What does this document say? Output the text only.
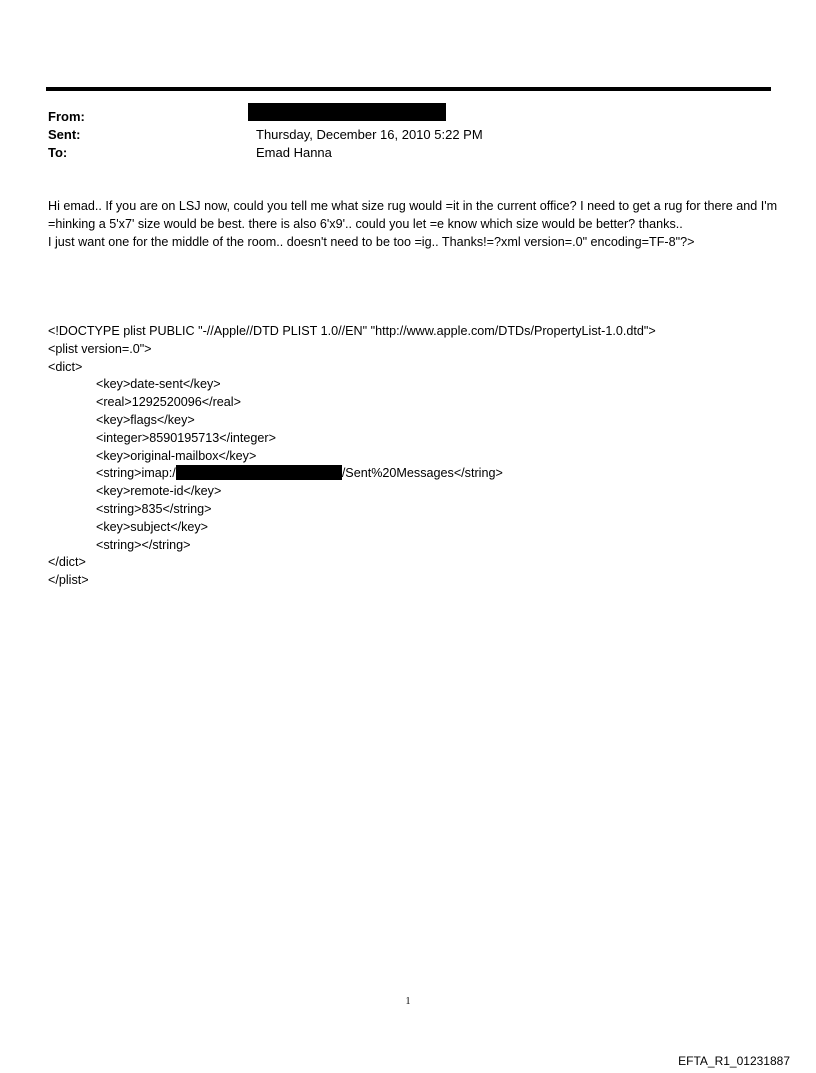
From:
Sent:	Thursday, December 16, 2010 5:22 PM
To:	Emad Hanna

Hi emad.. If you are on LSJ now, could you tell me what size rug would =it in the current office? I need to get a rug for there and I'm =hinking a 5'x7' size would be best. there is also 6'x9'.. could you let =e know which size would be better? thanks..

I just want one for the middle of the room.. doesn't need to be too =ig.. Thanks!=?xml version=.0" encoding=TF-8"?>

<!DOCTYPE plist PUBLIC "-//Apple//DTD PLIST 1.0//EN" "http://www.apple.com/DTDs/PropertyList-1.0.dtd">
<plist version=.0">
<dict>
<key>date-sent</key>
<real>1292520096</real>
<key>flags</key>
<integer>8590195713</integer>
<key>original-mailbox</key>
<string>imap:/	/Sent%20Messages</string>
<key>remote-id</key>
<string>835</string>
<key>subject</key>
<string></string>
</dict>
</plist>
1
EFTA_R1_01231887
